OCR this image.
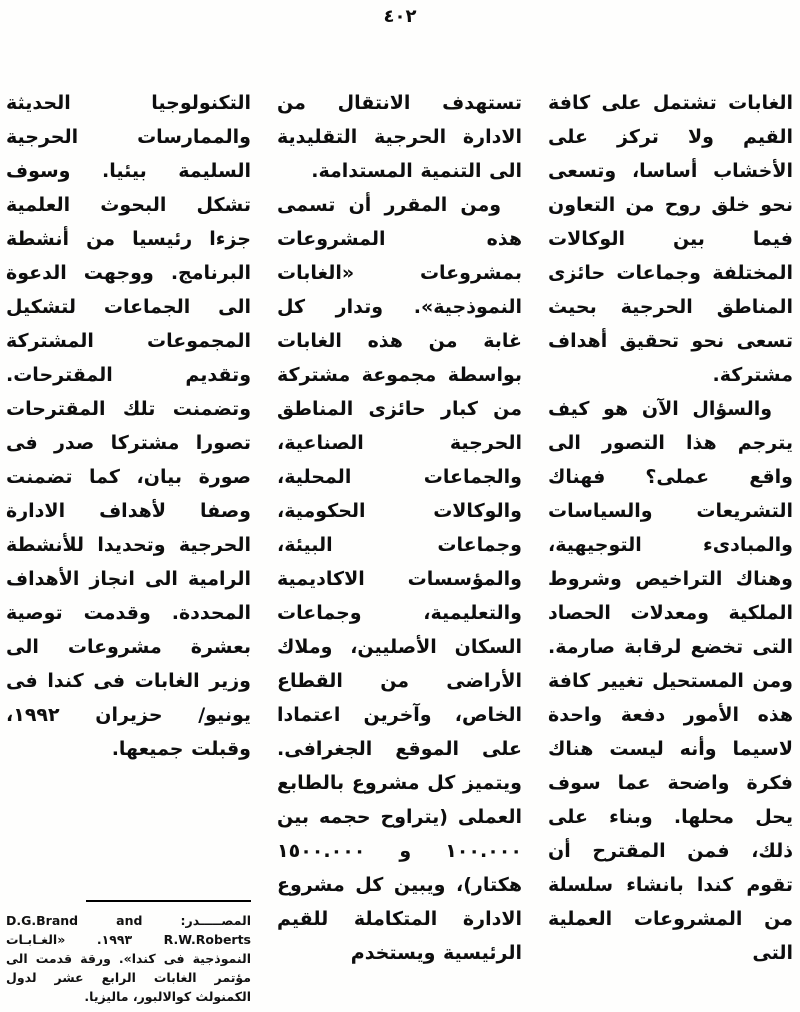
٤٠٢

الغابات تشتمل على كافة القيم ولا تركز على الأخشاب أساسا، وتسعى نحو خلق روح من التعاون فيما بين الوكالات المختلفة وجماعات حائزى المناطق الحرجية بحيث تسعى نحو تحقيق أهداف مشتركة.

والسؤال الآن هو كيف يترجم هذا التصور الى واقع عملى؟ فهناك التشريعات والسياسات والمبادىء التوجيهية، وهناك التراخيص وشروط الملكية ومعدلات الحصاد التى تخضع لرقابة صارمة. ومن المستحيل تغيير كافة هذه الأمور دفعة واحدة لاسيما وأنه ليست هناك فكرة واضحة عما سوف يحل محلها. وبناء على ذلك، فمن المقترح أن تقوم كندا بانشاء سلسلة من المشروعات العملية التى

تستهدف الانتقال من الادارة الحرجية التقليدية الى التنمية المستدامة.

ومن المقرر أن تسمى هذه المشروعات بمشروعات «الغابات النموذجية». وتدار كل غابة من هذه الغابات بواسطة مجموعة مشتركة من كبار حائزى المناطق الحرجية الصناعية، والجماعات المحلية، والوكالات الحكومية، وجماعات البيئة، والمؤسسات الاكاديمية والتعليمية، وجماعات السكان الأصليين، وملاك الأراضى من القطاع الخاص، وآخرين اعتمادا على الموقع الجغرافى. ويتميز كل مشروع بالطابع العملى (يتراوح حجمه بين ١٠٠.٠٠٠ و ١٥٠٠.٠٠٠ هكتار)، ويبين كل مشروع الادارة المتكاملة للقيم الرئيسية ويستخدم

التكنولوجيا الحديثة والممارسات الحرجية السليمة بيئيا. وسوف تشكل البحوث العلمية جزءا رئيسيا من أنشطة البرنامج. ووجهت الدعوة الى الجماعات لتشكيل المجموعات المشتركة وتقديم المقترحات. وتضمنت تلك المقترحات تصورا مشتركا صدر فى صورة بيان، كما تضمنت وصفا لأهداف الادارة الحرجية وتحديدا للأنشطة الرامية الى انجاز الأهداف المحددة. وقدمت توصية بعشرة مشروعات الى وزير الغابات فى كندا فى يونيو/ حزيران ١٩٩٢، وقبلت جميعها.

المصـــــدر: D.G.Brand and R.W.Roberts ١٩٩٣. «الغـابـات النموذجية فى كندا». ورقة قدمت الى مؤتمر الغابات الرابع عشر لدول الكمنولث كوالالبور، ماليزيا.
